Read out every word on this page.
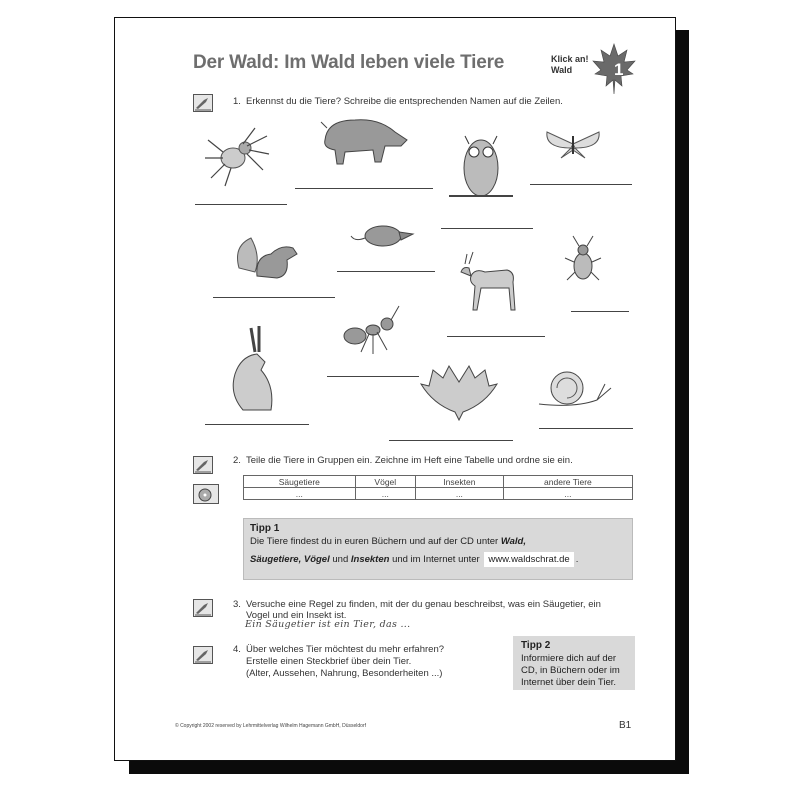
Der Wald: Im Wald leben viele Tiere	Klick an!
Wald	1
1. Erkennst du die Tiere? Schreibe die entsprechenden Namen auf die Zeilen.
2. Teile die Tiere in Gruppen ein. Zeichne im Heft eine Tabelle und ordne sie ein.
Säugetiere	Vögel	Insekten	andere Tiere
...	...	...	...
Tipp 1
Die Tiere findest du in euren Büchern und auf der CD unter Wald,
Säugetiere, Vögel und Insekten und im Internet unter www.waldschrat.de .
3. Versuche eine Regel zu finden, mit der du genau beschreibst, was ein Säugetier, ein
Vogel und ein Insekt ist.
Ein Säugetier ist ein Tier, das ...
4. Über welches Tier möchtest du mehr erfahren?
Erstelle einen Steckbrief über dein Tier.
(Alter, Aussehen, Nahrung, Besonderheiten ...)
Tipp 2
Informiere dich auf der
CD, in Büchern oder im
Internet über dein Tier.
© Copyright 2002 reserved by Lehrmittelverlag Wilhelm Hagemann GmbH, Düsseldorf	B1
